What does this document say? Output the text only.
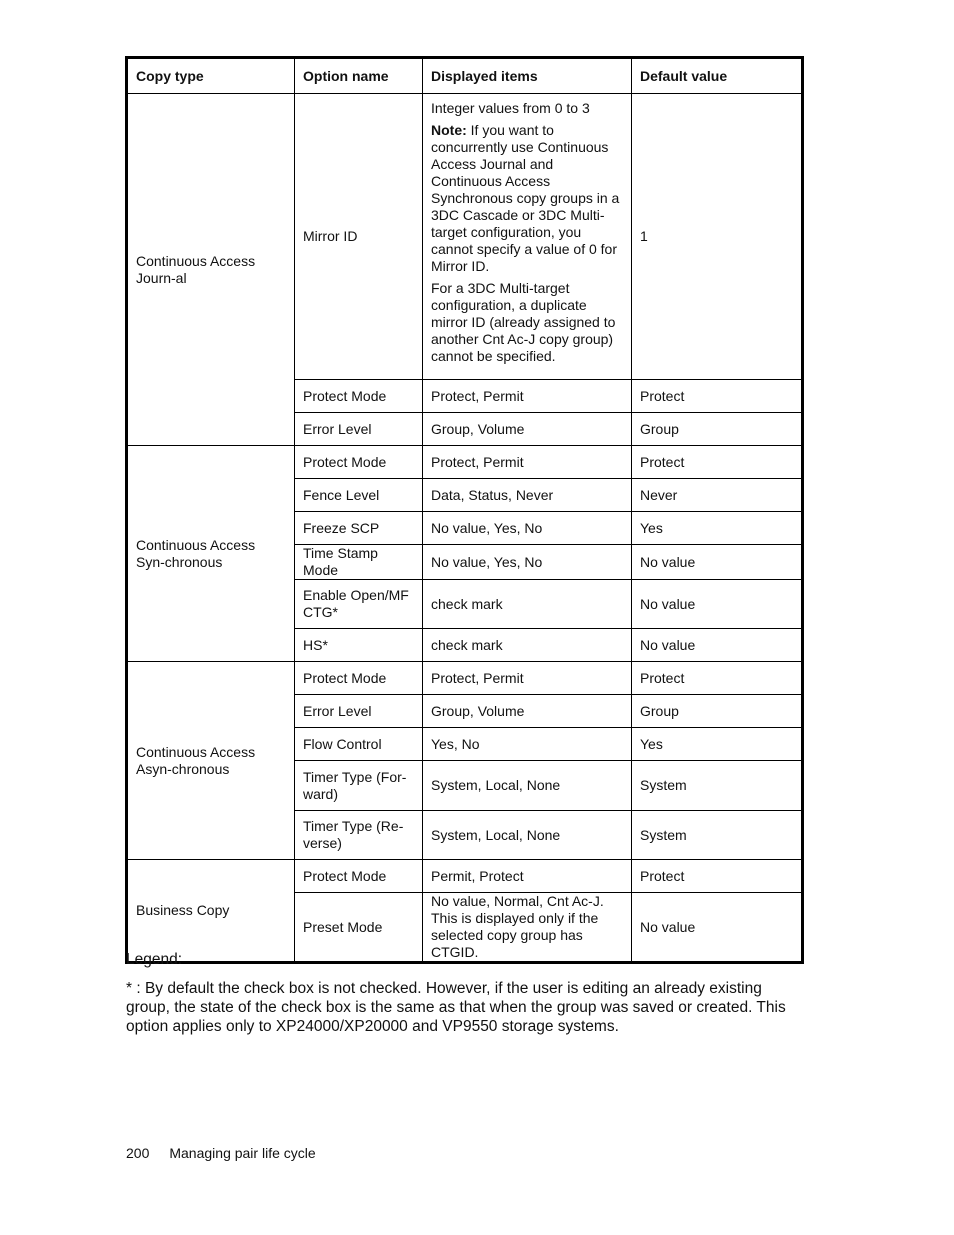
Copy type	Option name	Displayed items	Default value
Continuous Access Journ-al	Mirror ID	Integer values from 0 to 3

Note: If you want to concurrently use Continuous Access Journal and Continuous Access Synchronous copy groups in a 3DC Cascade or 3DC Multi-target configuration, you cannot specify a value of 0 for Mirror ID.

For a 3DC Multi-target configuration, a duplicate mirror ID (already assigned to another Cnt Ac-J copy group) cannot be specified.	1
	Protect Mode	Protect, Permit	Protect
	Error Level	Group, Volume	Group
Continuous Access Syn-chronous	Protect Mode	Protect, Permit	Protect
	Fence Level	Data, Status, Never	Never
	Freeze SCP	No value, Yes, No	Yes
	Time Stamp Mode	No value, Yes, No	No value
	Enable Open/MF CTG*	check mark	No value
	HS*	check mark	No value
Continuous Access Asyn-chronous	Protect Mode	Protect, Permit	Protect
	Error Level	Group, Volume	Group
	Flow Control	Yes, No	Yes
	Timer Type (For-ward)	System, Local, None	System
	Timer Type (Re-verse)	System, Local, None	System
Business Copy	Protect Mode	Permit, Protect	Protect
	Preset Mode	No value, Normal, Cnt Ac-J. This is displayed only if the selected copy group has CTGID.	No value

Legend:

* : By default the check box is not checked. However, if the user is editing an already existing group, the state of the check box is the same as that when the group was saved or created. This option applies only to XP24000/XP20000 and VP9550 storage systems.

200 Managing pair life cycle
